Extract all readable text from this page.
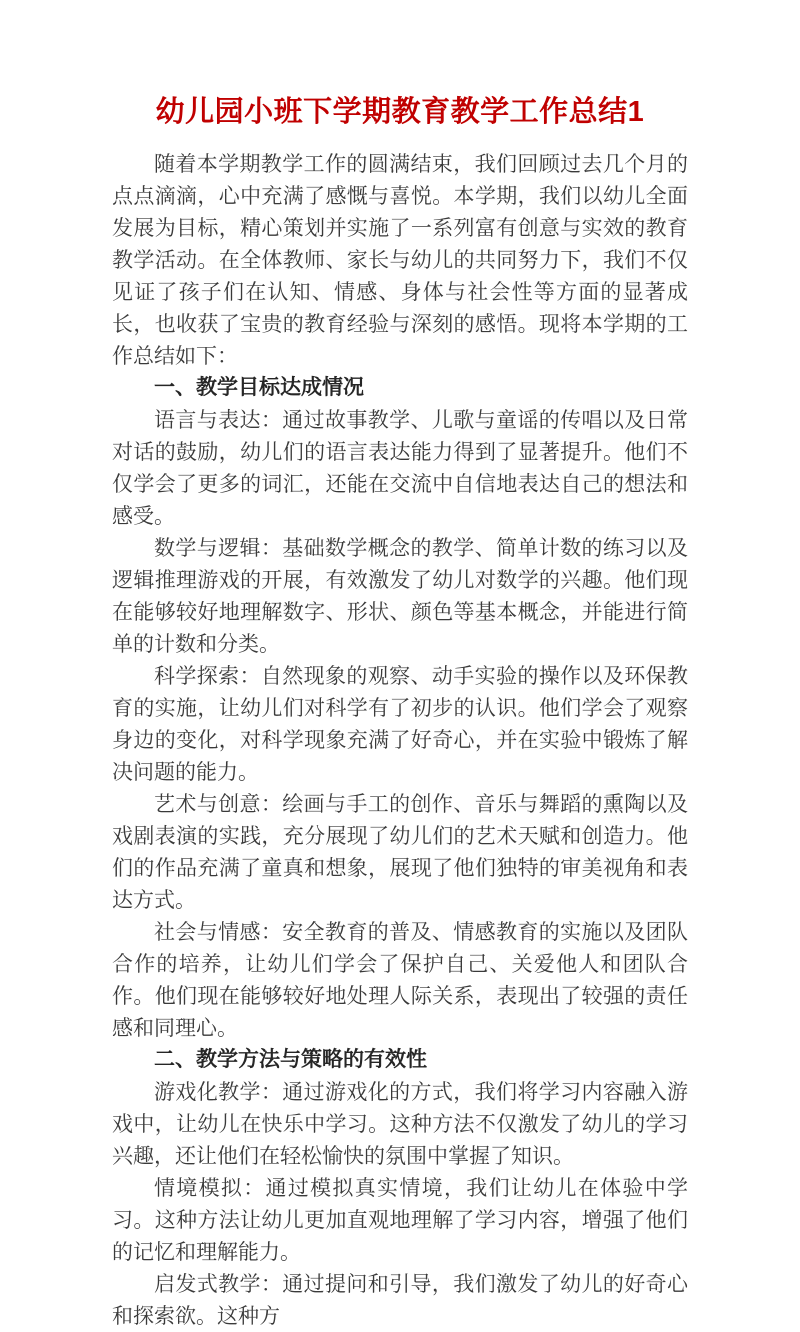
幼儿园小班下学期教育教学工作总结1

随着本学期教学工作的圆满结束，我们回顾过去几个月的点点滴滴，心中充满了感慨与喜悦。本学期，我们以幼儿全面发展为目标，精心策划并实施了一系列富有创意与实效的教育教学活动。在全体教师、家长与幼儿的共同努力下，我们不仅见证了孩子们在认知、情感、身体与社会性等方面的显著成长，也收获了宝贵的教育经验与深刻的感悟。现将本学期的工作总结如下：

一、教学目标达成情况

语言与表达：通过故事教学、儿歌与童谣的传唱以及日常对话的鼓励，幼儿们的语言表达能力得到了显著提升。他们不仅学会了更多的词汇，还能在交流中自信地表达自己的想法和感受。

数学与逻辑：基础数学概念的教学、简单计数的练习以及逻辑推理游戏的开展，有效激发了幼儿对数学的兴趣。他们现在能够较好地理解数字、形状、颜色等基本概念，并能进行简单的计数和分类。

科学探索：自然现象的观察、动手实验的操作以及环保教育的实施，让幼儿们对科学有了初步的认识。他们学会了观察身边的变化，对科学现象充满了好奇心，并在实验中锻炼了解决问题的能力。

艺术与创意：绘画与手工的创作、音乐与舞蹈的熏陶以及戏剧表演的实践，充分展现了幼儿们的艺术天赋和创造力。他们的作品充满了童真和想象，展现了他们独特的审美视角和表达方式。

社会与情感：安全教育的普及、情感教育的实施以及团队合作的培养，让幼儿们学会了保护自己、关爱他人和团队合作。他们现在能够较好地处理人际关系，表现出了较强的责任感和同理心。

二、教学方法与策略的有效性

游戏化教学：通过游戏化的方式，我们将学习内容融入游戏中，让幼儿在快乐中学习。这种方法不仅激发了幼儿的学习兴趣，还让他们在轻松愉快的氛围中掌握了知识。

情境模拟：通过模拟真实情境，我们让幼儿在体验中学习。这种方法让幼儿更加直观地理解了学习内容，增强了他们的记忆和理解能力。

启发式教学：通过提问和引导，我们激发了幼儿的好奇心和探索欲。这种方
